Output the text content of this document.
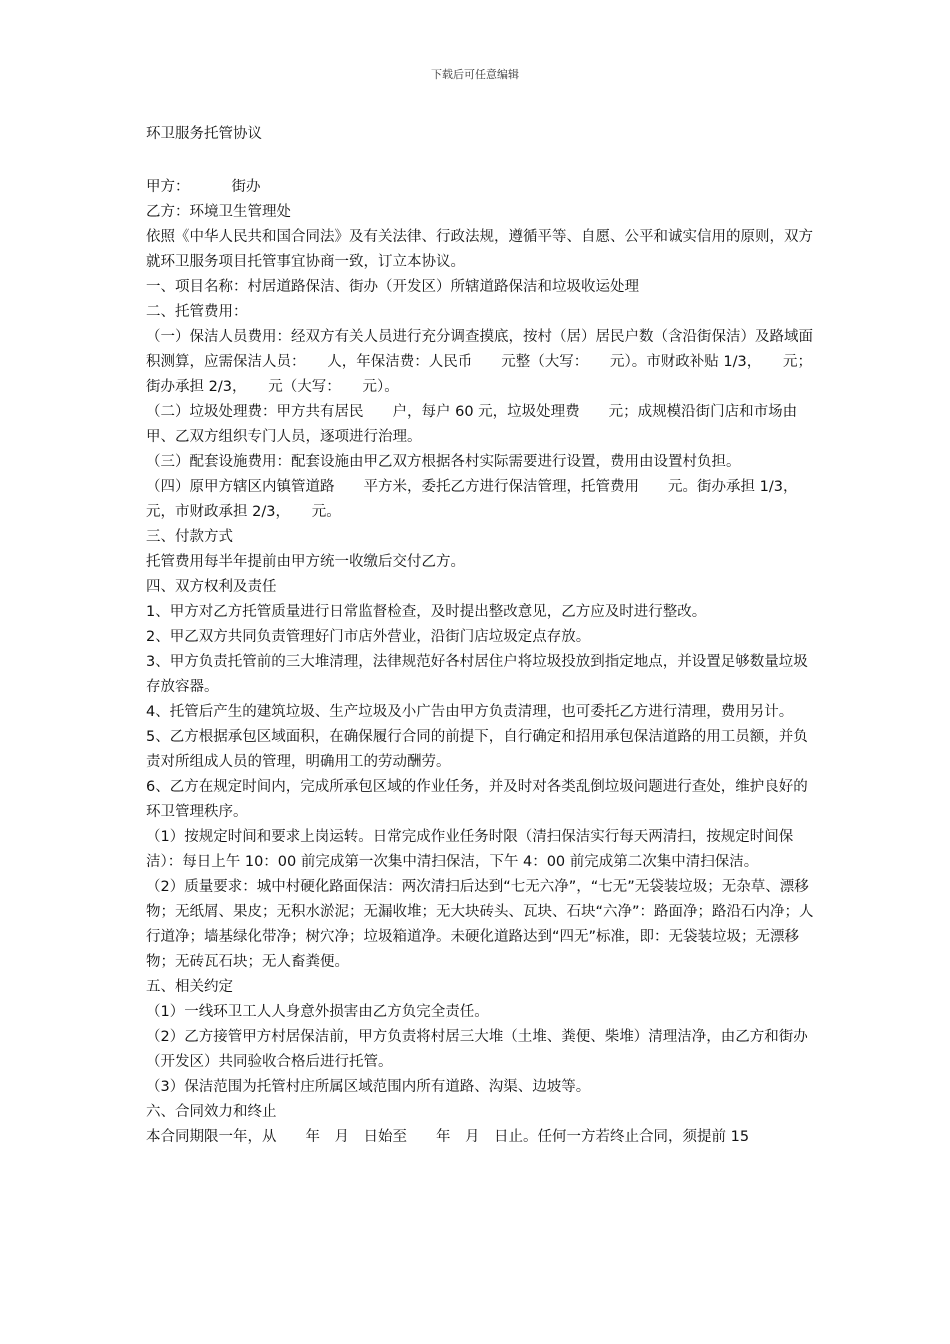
下载后可任意编辑

环卫服务托管协议

甲方：	街办

乙方：环境卫生管理处

依照《中华人民共和国合同法》及有关法律、行政法规，遵循平等、自愿、公平和诚实信用的原则，双方就环卫服务项目托管事宜协商一致，订立本协议。

一、项目名称：村居道路保洁、街办（开发区）所辖道路保洁和垃圾收运处理

二、托管费用：

（一）保洁人员费用：经双方有关人员进行充分调查摸底，按村（居）居民户数（含沿街保洁）及路域面积测算，应需保洁人员：　　人，年保洁费：人民币　　元整（大写：　　元）。市财政补贴 1/3，　　元；街办承担 2/3，　　元（大写：　　元）。

（二）垃圾处理费：甲方共有居民　　户，每户 60 元，垃圾处理费　　元；成规模沿街门店和市场由甲、乙双方组织专门人员，逐项进行治理。

（三）配套设施费用：配套设施由甲乙双方根据各村实际需要进行设置，费用由设置村负担。

（四）原甲方辖区内镇管道路　　平方米，委托乙方进行保洁管理，托管费用　　元。街办承担 1/3，　　元，市财政承担 2/3，　　元。

三、付款方式

托管费用每半年提前由甲方统一收缴后交付乙方。

四、双方权利及责任

1、甲方对乙方托管质量进行日常监督检查，及时提出整改意见，乙方应及时进行整改。

2、甲乙双方共同负责管理好门市店外营业，沿街门店垃圾定点存放。

3、甲方负责托管前的三大堆清理，法律规范好各村居住户将垃圾投放到指定地点，并设置足够数量垃圾存放容器。

4、托管后产生的建筑垃圾、生产垃圾及小广告由甲方负责清理，也可委托乙方进行清理，费用另计。

5、乙方根据承包区域面积，在确保履行合同的前提下，自行确定和招用承包保洁道路的用工员额，并负责对所组成人员的管理，明确用工的劳动酬劳。

6、乙方在规定时间内，完成所承包区域的作业任务，并及时对各类乱倒垃圾问题进行查处，维护良好的环卫管理秩序。

（1）按规定时间和要求上岗运转。日常完成作业任务时限（清扫保洁实行每天两清扫，按规定时间保洁）：每日上午 10：00 前完成第一次集中清扫保洁，下午 4：00 前完成第二次集中清扫保洁。

（2）质量要求：城中村硬化路面保洁：两次清扫后达到“七无六净”，“七无”无袋装垃圾；无杂草、漂移物；无纸屑、果皮；无积水淤泥；无漏收堆；无大块砖头、瓦块、石块“六净”：路面净；路沿石内净；人行道净；墙基绿化带净；树穴净；垃圾箱道净。未硬化道路达到“四无”标准，即：无袋装垃圾；无漂移物；无砖瓦石块；无人畜粪便。

五、相关约定

（1）一线环卫工人人身意外损害由乙方负完全责任。

（2）乙方接管甲方村居保洁前，甲方负责将村居三大堆（土堆、粪便、柴堆）清理洁净，由乙方和街办（开发区）共同验收合格后进行托管。

（3）保洁范围为托管村庄所属区域范围内所有道路、沟渠、边坡等。

六、合同效力和终止

本合同期限一年，从　　年　月　日始至　　年　月　日止。任何一方若终止合同，须提前 15
